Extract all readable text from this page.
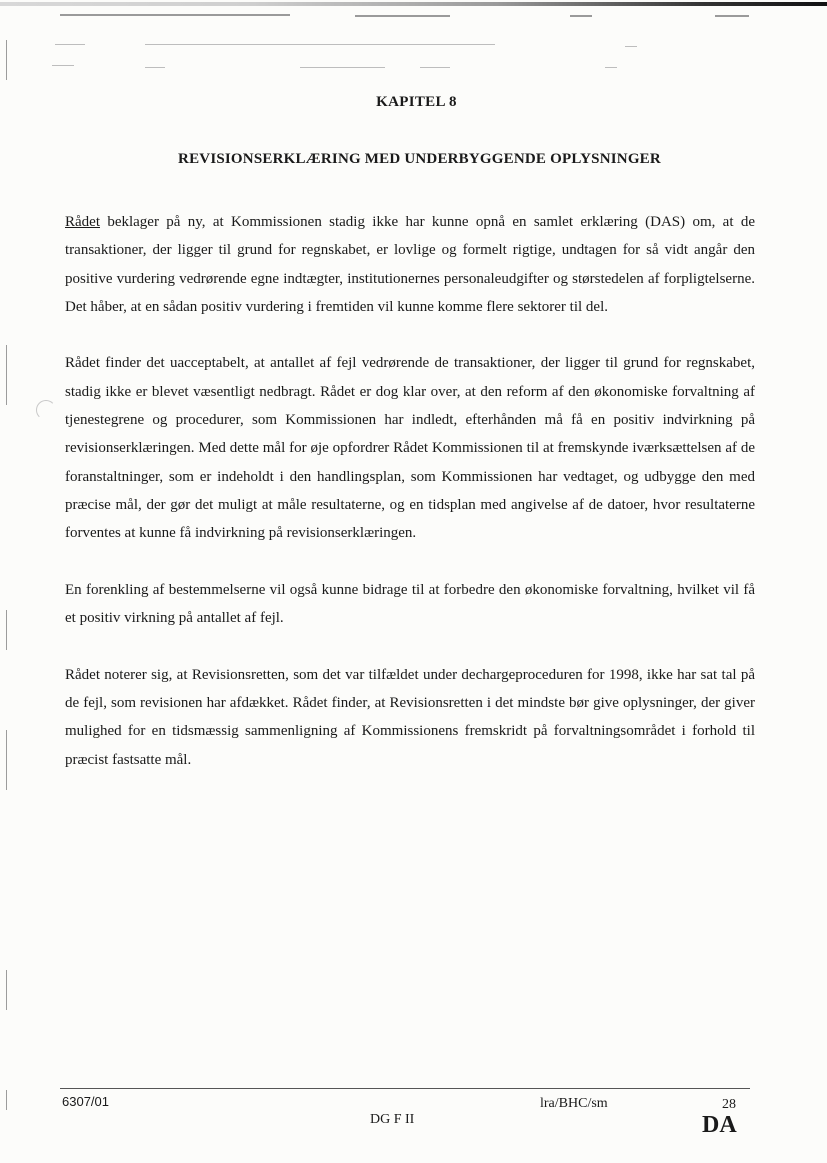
KAPITEL 8
REVISIONSERKLÆRING MED UNDERBYGGENDE OPLYSNINGER

Rådet beklager på ny, at Kommissionen stadig ikke har kunne opnå en samlet erklæring (DAS) om, at de transaktioner, der ligger til grund for regnskabet, er lovlige og formelt rigtige, undtagen for så vidt angår den positive vurdering vedrørende egne indtægter, institutionernes personaleudgifter og størstedelen af forpligtelserne. Det håber, at en sådan positiv vurdering i fremtiden vil kunne komme flere sektorer til del.

Rådet finder det uacceptabelt, at antallet af fejl vedrørende de transaktioner, der ligger til grund for regnskabet, stadig ikke er blevet væsentligt nedbragt. Rådet er dog klar over, at den reform af den økonomiske forvaltning af tjenestegrene og procedurer, som Kommissionen har indledt, efterhånden må få en positiv indvirkning på revisionserklæringen. Med dette mål for øje opfordrer Rådet Kommissionen til at fremskynde iværksættelsen af de foranstaltninger, som er indeholdt i den handlingsplan, som Kommissionen har vedtaget, og udbygge den med præcise mål, der gør det muligt at måle resultaterne, og en tidsplan med angivelse af de datoer, hvor resultaterne forventes at kunne få indvirkning på revisionserklæringen.

En forenkling af bestemmelserne vil også kunne bidrage til at forbedre den økonomiske forvaltning, hvilket vil få et positiv virkning på antallet af fejl.

Rådet noterer sig, at Revisionsretten, som det var tilfældet under dechargeproceduren for 1998, ikke har sat tal på de fejl, som revisionen har afdækket. Rådet finder, at Revisionsretten i det mindste bør give oplysninger, der giver mulighed for en tidsmæssig sammenligning af Kommissionens fremskridt på forvaltningsområdet i forhold til præcist fastsatte mål.

6307/01
DG F II
lra/BHC/sm	28
DA
